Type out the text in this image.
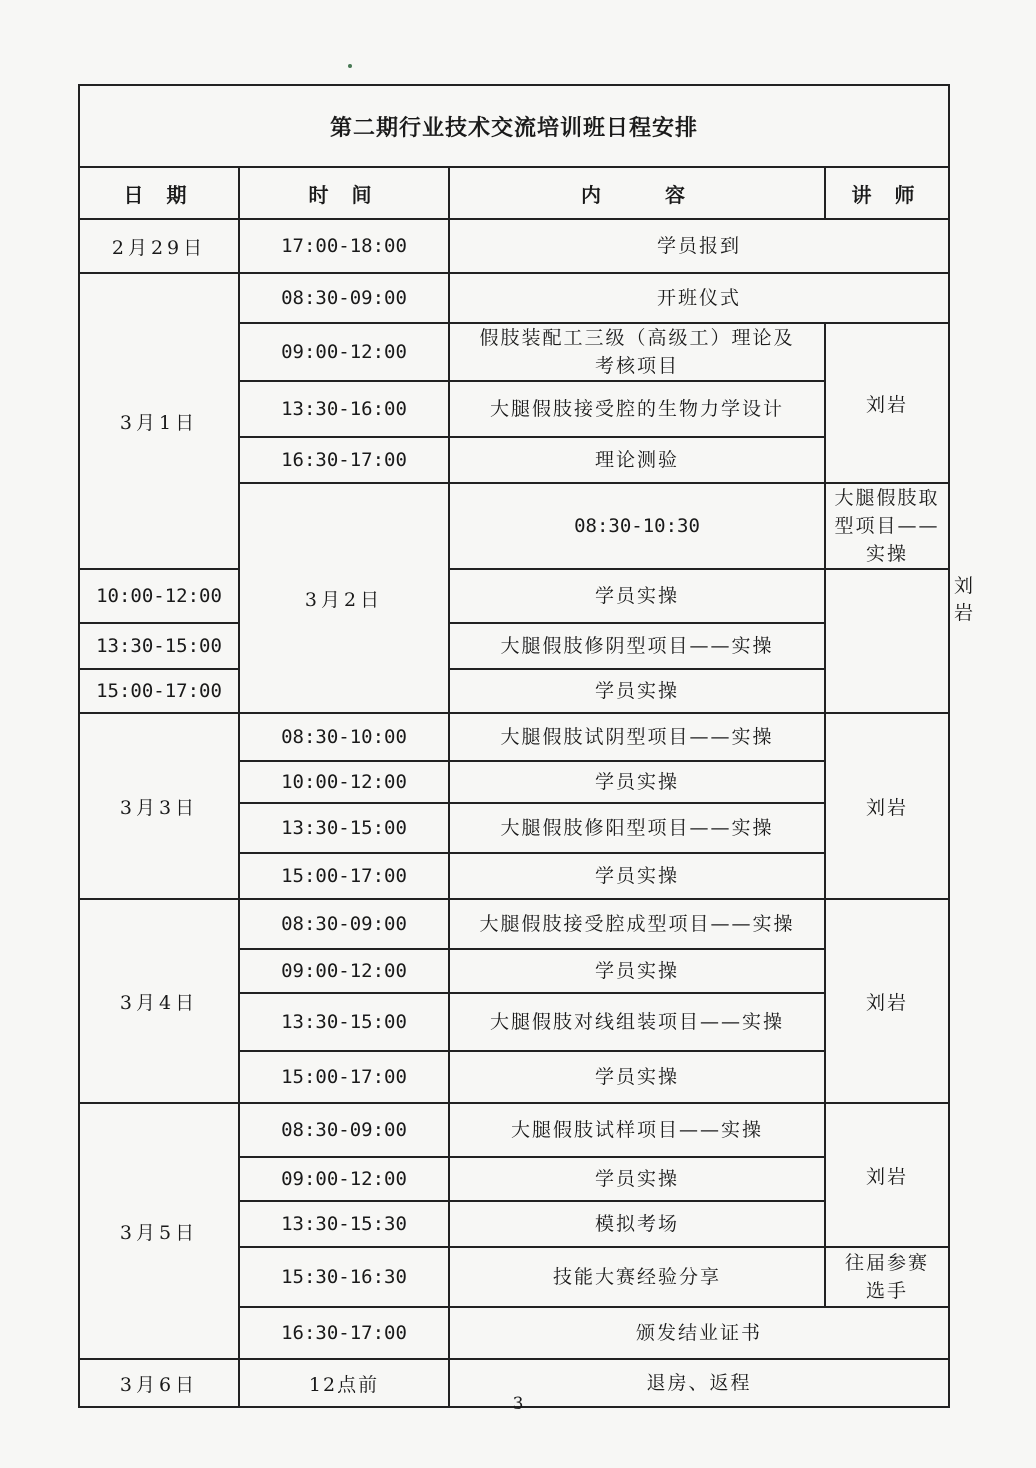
第二期行业技术交流培训班日程安排				
日 期	时 间	内　　容	讲 师	
2月29日	17:00-18:00	学员报到		
3月1日	08:30-09:00	开班仪式		
	09:00-12:00	假肢装配工三级（高级工）理论及考核项目	刘岩	
	13:30-16:00	大腿假肢接受腔的生物力学设计		
	16:30-17:00	理论测验		
	3月2日	08:30-10:30	大腿假肢取型项目——实操	刘岩
10:00-12:00		学员实操		
13:30-15:00		大腿假肢修阴型项目——实操		
15:00-17:00		学员实操		
3月3日	08:30-10:00	大腿假肢试阴型项目——实操	刘岩	
	10:00-12:00	学员实操		
	13:30-15:00	大腿假肢修阳型项目——实操		
	15:00-17:00	学员实操		
3月4日	08:30-09:00	大腿假肢接受腔成型项目——实操	刘岩	
	09:00-12:00	学员实操		
	13:30-15:00	大腿假肢对线组装项目——实操		
	15:00-17:00	学员实操		
3月5日	08:30-09:00	大腿假肢试样项目——实操	刘岩	
	09:00-12:00	学员实操		
	13:30-15:30	模拟考场		
	15:30-16:30	技能大赛经验分享	往届参赛选手	
	16:30-17:00	颁发结业证书		
3月6日	12点前	退房、返程		
3
